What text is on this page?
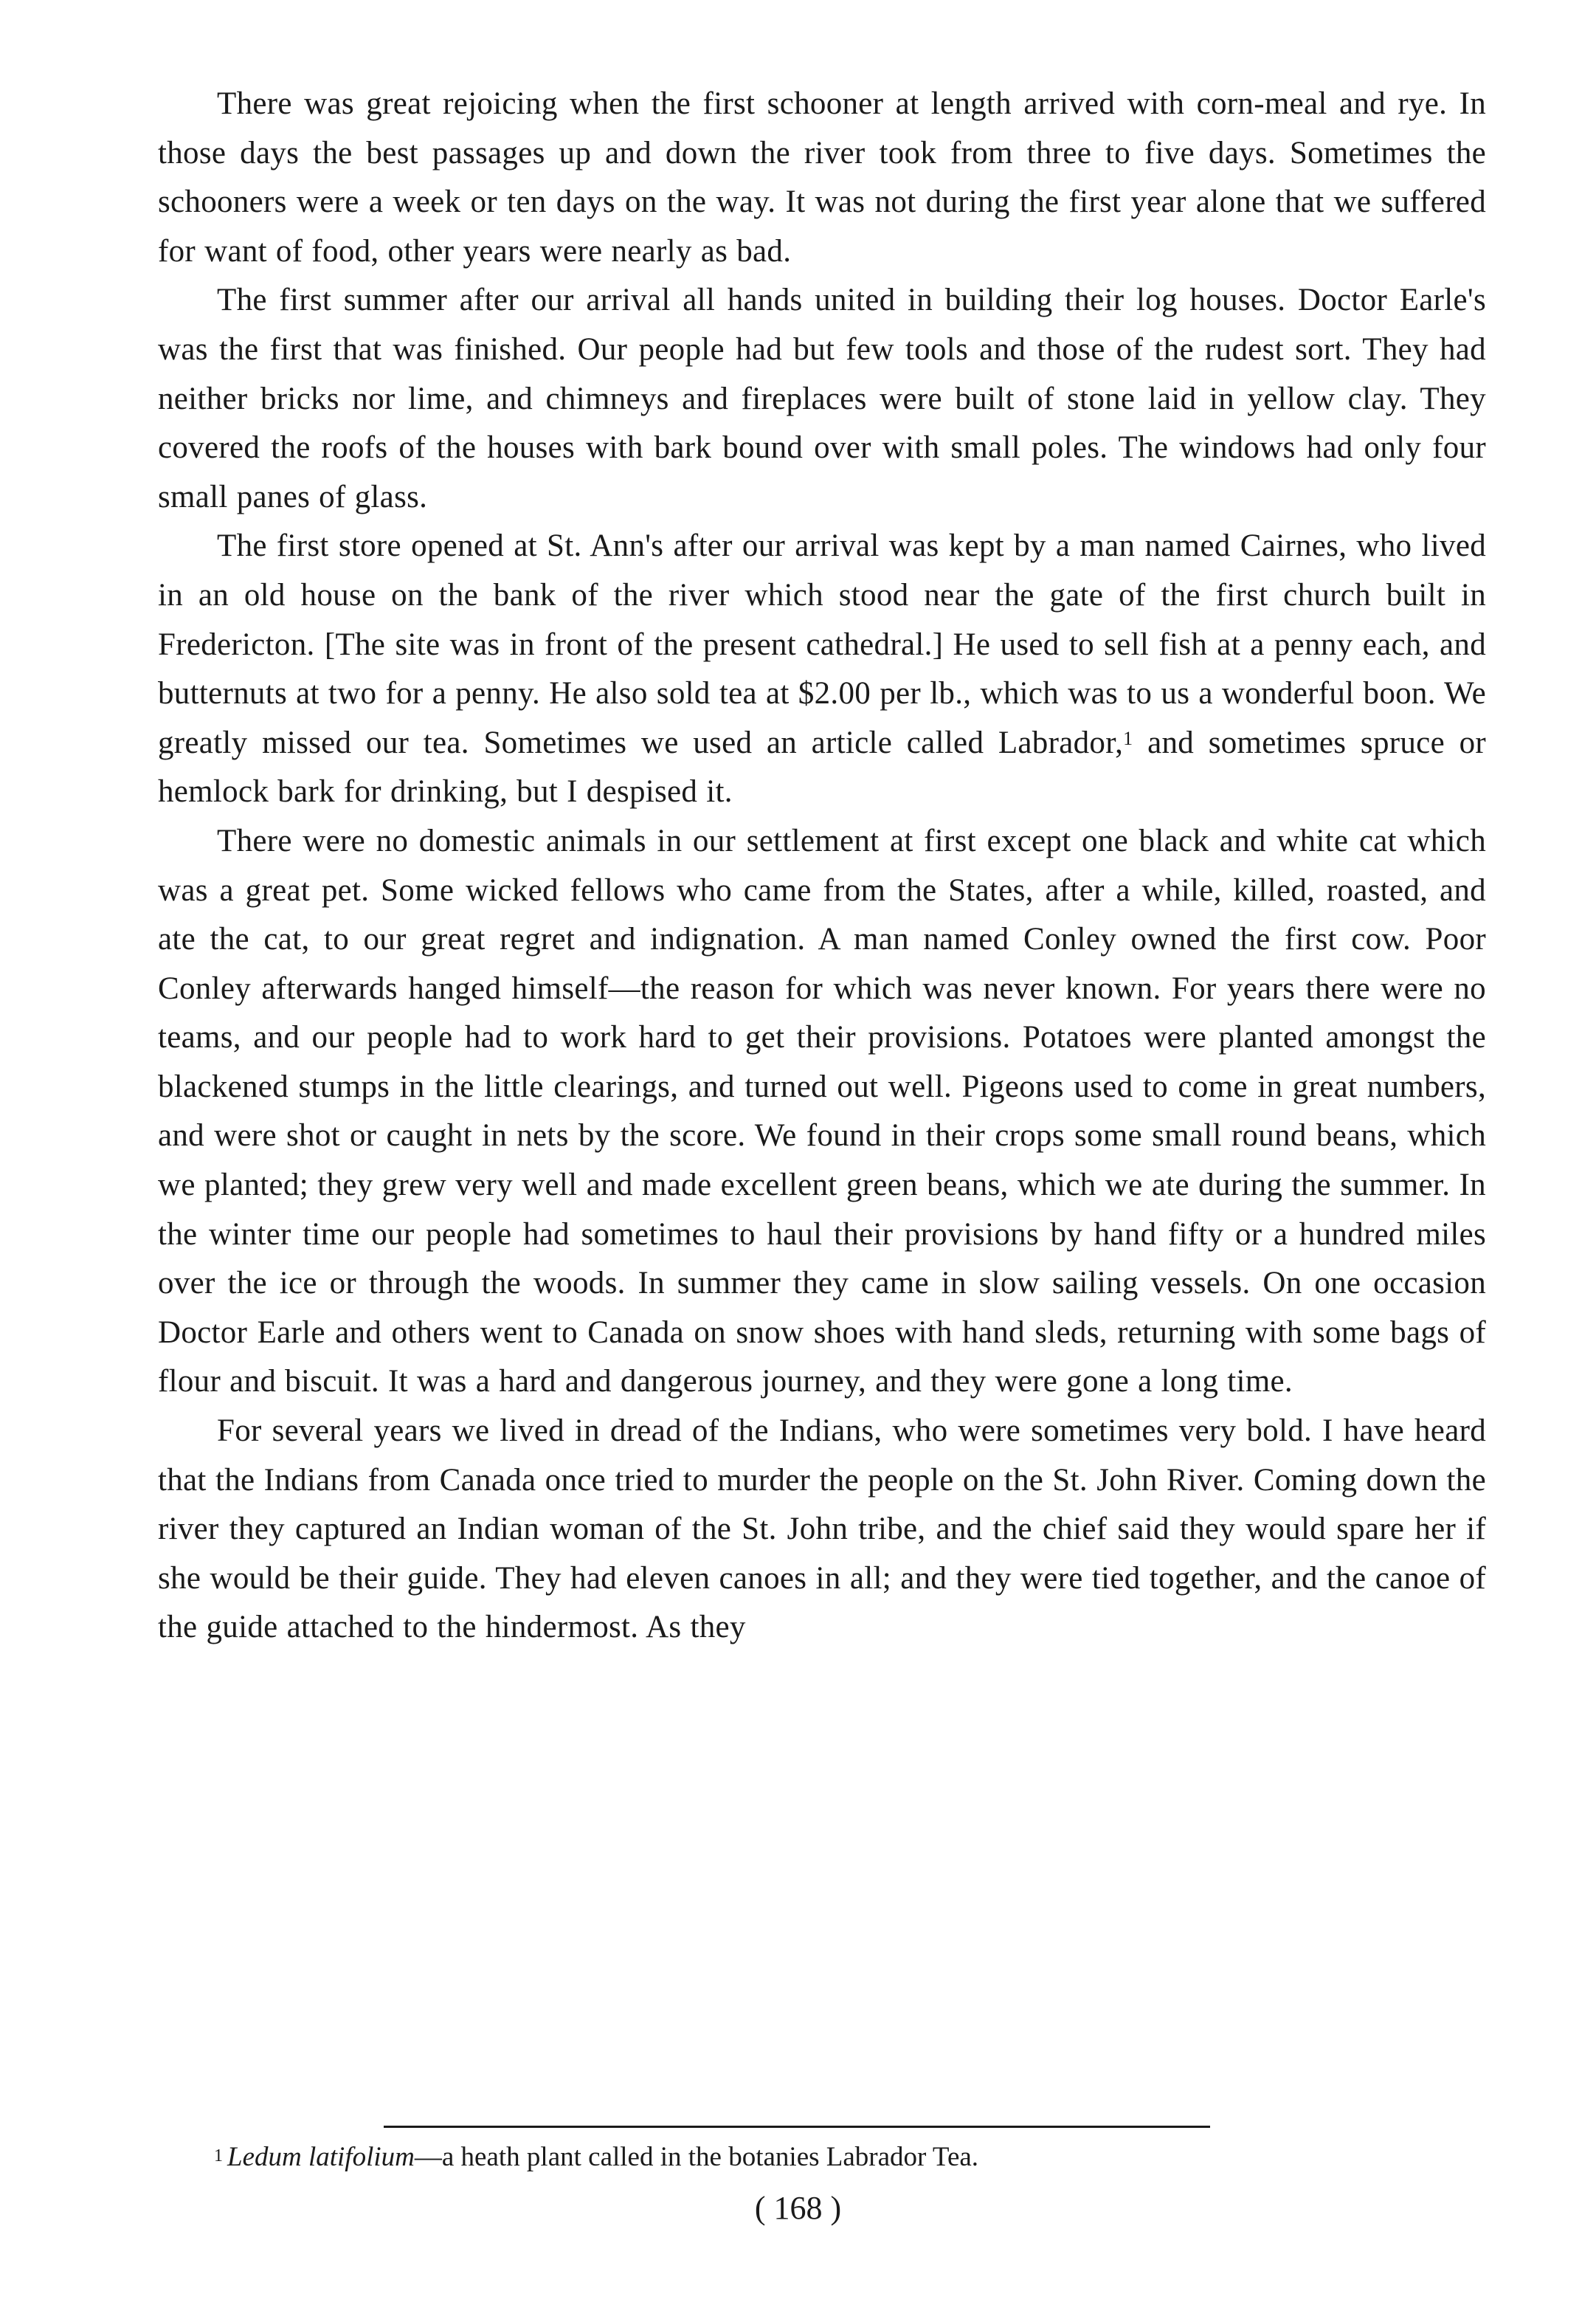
There was great rejoicing when the first schooner at length arrived with corn-meal and rye. In those days the best passages up and down the river took from three to five days. Sometimes the schooners were a week or ten days on the way. It was not during the first year alone that we suffered for want of food, other years were nearly as bad.

The first summer after our arrival all hands united in building their log houses. Doctor Earle's was the first that was finished. Our people had but few tools and those of the rudest sort. They had neither bricks nor lime, and chimneys and fireplaces were built of stone laid in yellow clay. They covered the roofs of the houses with bark bound over with small poles. The windows had only four small panes of glass.

The first store opened at St. Ann's after our arrival was kept by a man named Cairnes, who lived in an old house on the bank of the river which stood near the gate of the first church built in Fredericton. [The site was in front of the present cathedral.] He used to sell fish at a penny each, and butternuts at two for a penny. He also sold tea at $2.00 per lb., which was to us a wonderful boon. We greatly missed our tea. Sometimes we used an article called Labrador,$^1$ and sometimes spruce or hemlock bark for drinking, but I despised it.

There were no domestic animals in our settlement at first except one black and white cat which was a great pet. Some wicked fellows who came from the States, after a while, killed, roasted, and ate the cat, to our great regret and indignation. A man named Conley owned the first cow. Poor Conley afterwards hanged himself—the reason for which was never known. For years there were no teams, and our people had to work hard to get their provisions. Potatoes were planted amongst the blackened stumps in the little clearings, and turned out well. Pigeons used to come in great numbers, and were shot or caught in nets by the score. We found in their crops some small round beans, which we planted; they grew very well and made excellent green beans, which we ate during the summer. In the winter time our people had sometimes to haul their provisions by hand fifty or a hundred miles over the ice or through the woods. In summer they came in slow sailing vessels. On one occasion Doctor Earle and others went to Canada on snow shoes with hand sleds, returning with some bags of flour and biscuit. It was a hard and dangerous journey, and they were gone a long time.

For several years we lived in dread of the Indians, who were sometimes very bold. I have heard that the Indians from Canada once tried to murder the people on the St. John River. Coming down the river they captured an Indian woman of the St. John tribe, and the chief said they would spare her if she would be their guide. They had eleven canoes in all; and they were tied together, and the canoe of the guide attached to the hindermost. As they

$^1$ Ledum latifolium—a heath plant called in the botanies Labrador Tea.
( 168 )
